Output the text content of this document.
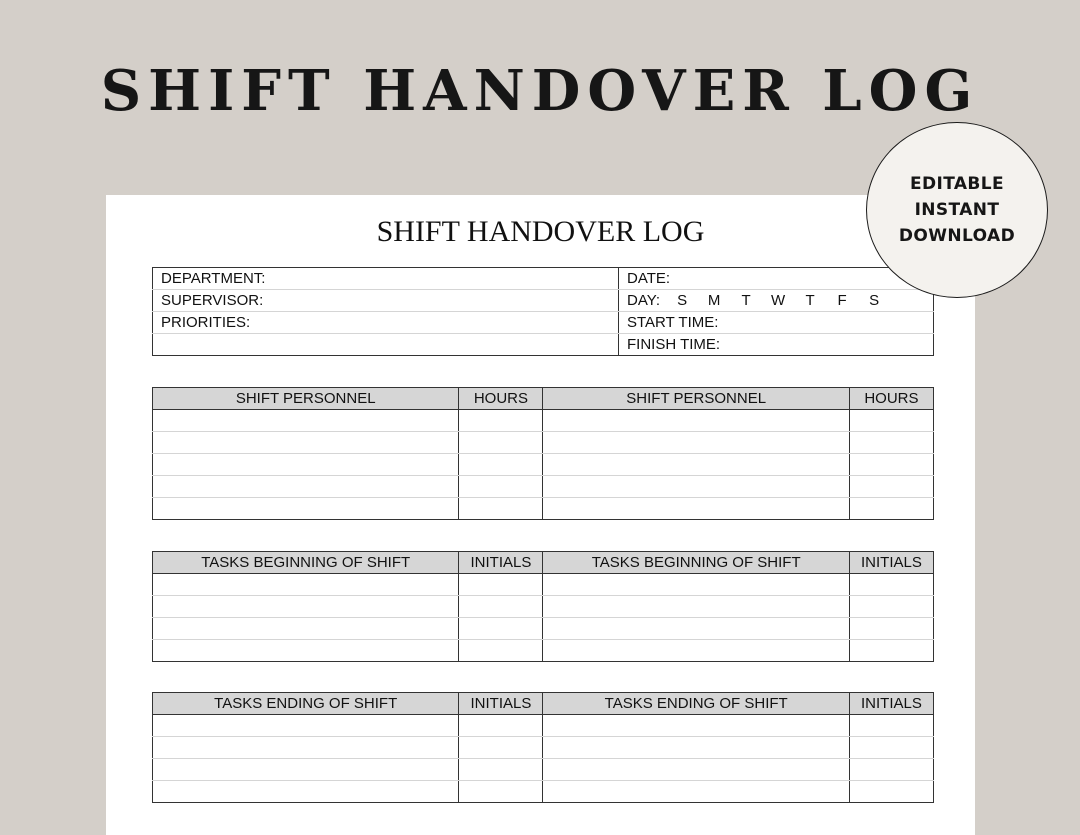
SHIFT HANDOVER LOG
SHIFT HANDOVER LOG
DEPARTMENT:	DATE:
SUPERVISOR:	DAY: S M T W T F S
PRIORITIES:	START TIME:
	FINISH TIME:
SHIFT PERSONNEL	HOURS	SHIFT PERSONNEL	HOURS

TASKS BEGINNING OF SHIFT	INITIALS	TASKS BEGINNING OF SHIFT	INITIALS

TASKS ENDING OF SHIFT	INITIALS	TASKS ENDING OF SHIFT	INITIALS

EDITABLE
INSTANT
DOWNLOAD
